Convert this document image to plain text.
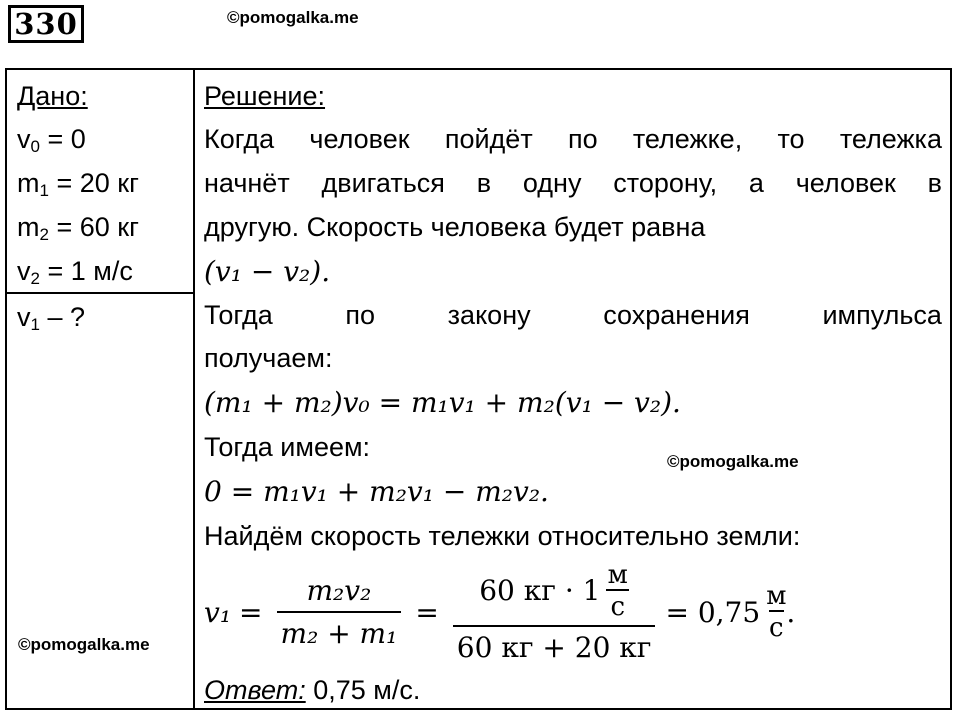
330	©pomogalka.me
Дано:
$v_0 = 0$
$m_1 = 20$ кг
$m_2 = 60$ кг
$v_2 = 1$ м/с
$v_1$ – ?
©pomogalka.me
Решение:
Когда человек пойдёт по тележке, то тележка
начнёт двигаться в одну сторону, а человек в
другую. Скорость человека будет равна
(v₁ − v₂).
Тогда	по	закону	сохранения	импульса
получаем:
(m₁ + m₂)v₀ = m₁v₁ + m₂(v₁ − v₂).
Тогда имеем:	©pomogalka.me
0 = m₁v₁ + m₂v₁ − m₂v₂.
Найдём скорость тележки относительно земли:
$v_1 = \frac{\text{m₂v₂}}{\text{m₂ + m₁}} = 60$ кг · 1 м
с
60 кг + 20 кг = 0,75 м
с .
Ответ: 0,75 м/с.
